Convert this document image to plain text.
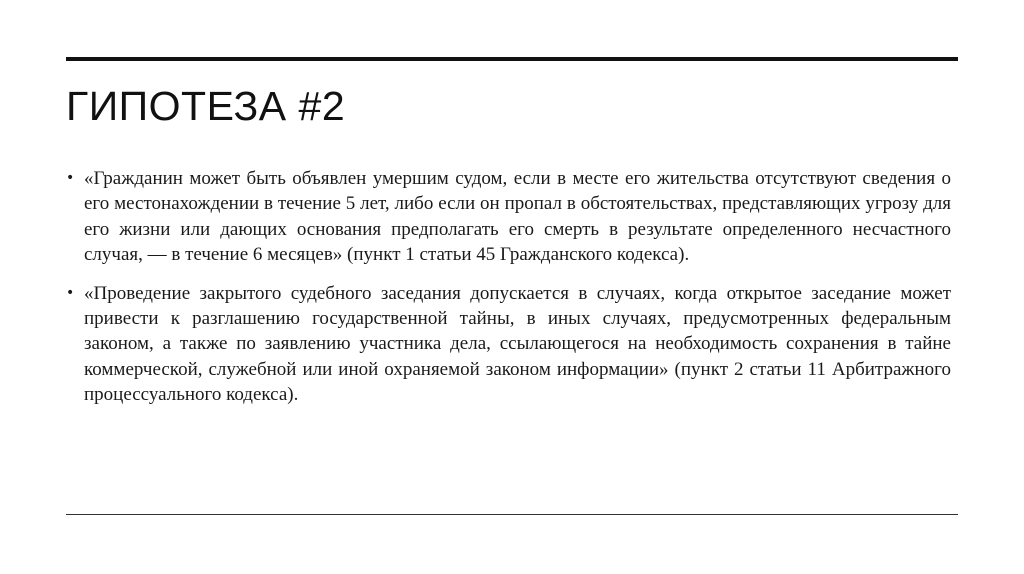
ГИПОТЕЗА #2
• «Гражданин может быть объявлен умершим судом, если в месте его жительства отсутствуют сведения о его местонахождении в течение 5 лет, либо если он пропал в обстоятельствах, представляющих угрозу для его жизни или дающих основания предполагать его смерть в результате определенного несчастного случая, — в течение 6 месяцев» (пункт 1 статьи 45 Гражданского кодекса).
• «Проведение закрытого судебного заседания допускается в случаях, когда открытое заседание может привести к разглашению государственной тайны, в иных случаях, предусмотренных федеральным законом, а также по заявлению участника дела, ссылающегося на необходимость сохранения в тайне коммерческой, служебной или иной охраняемой законом информации» (пункт 2 статьи 11 Арбитражного процессуального кодекса).
